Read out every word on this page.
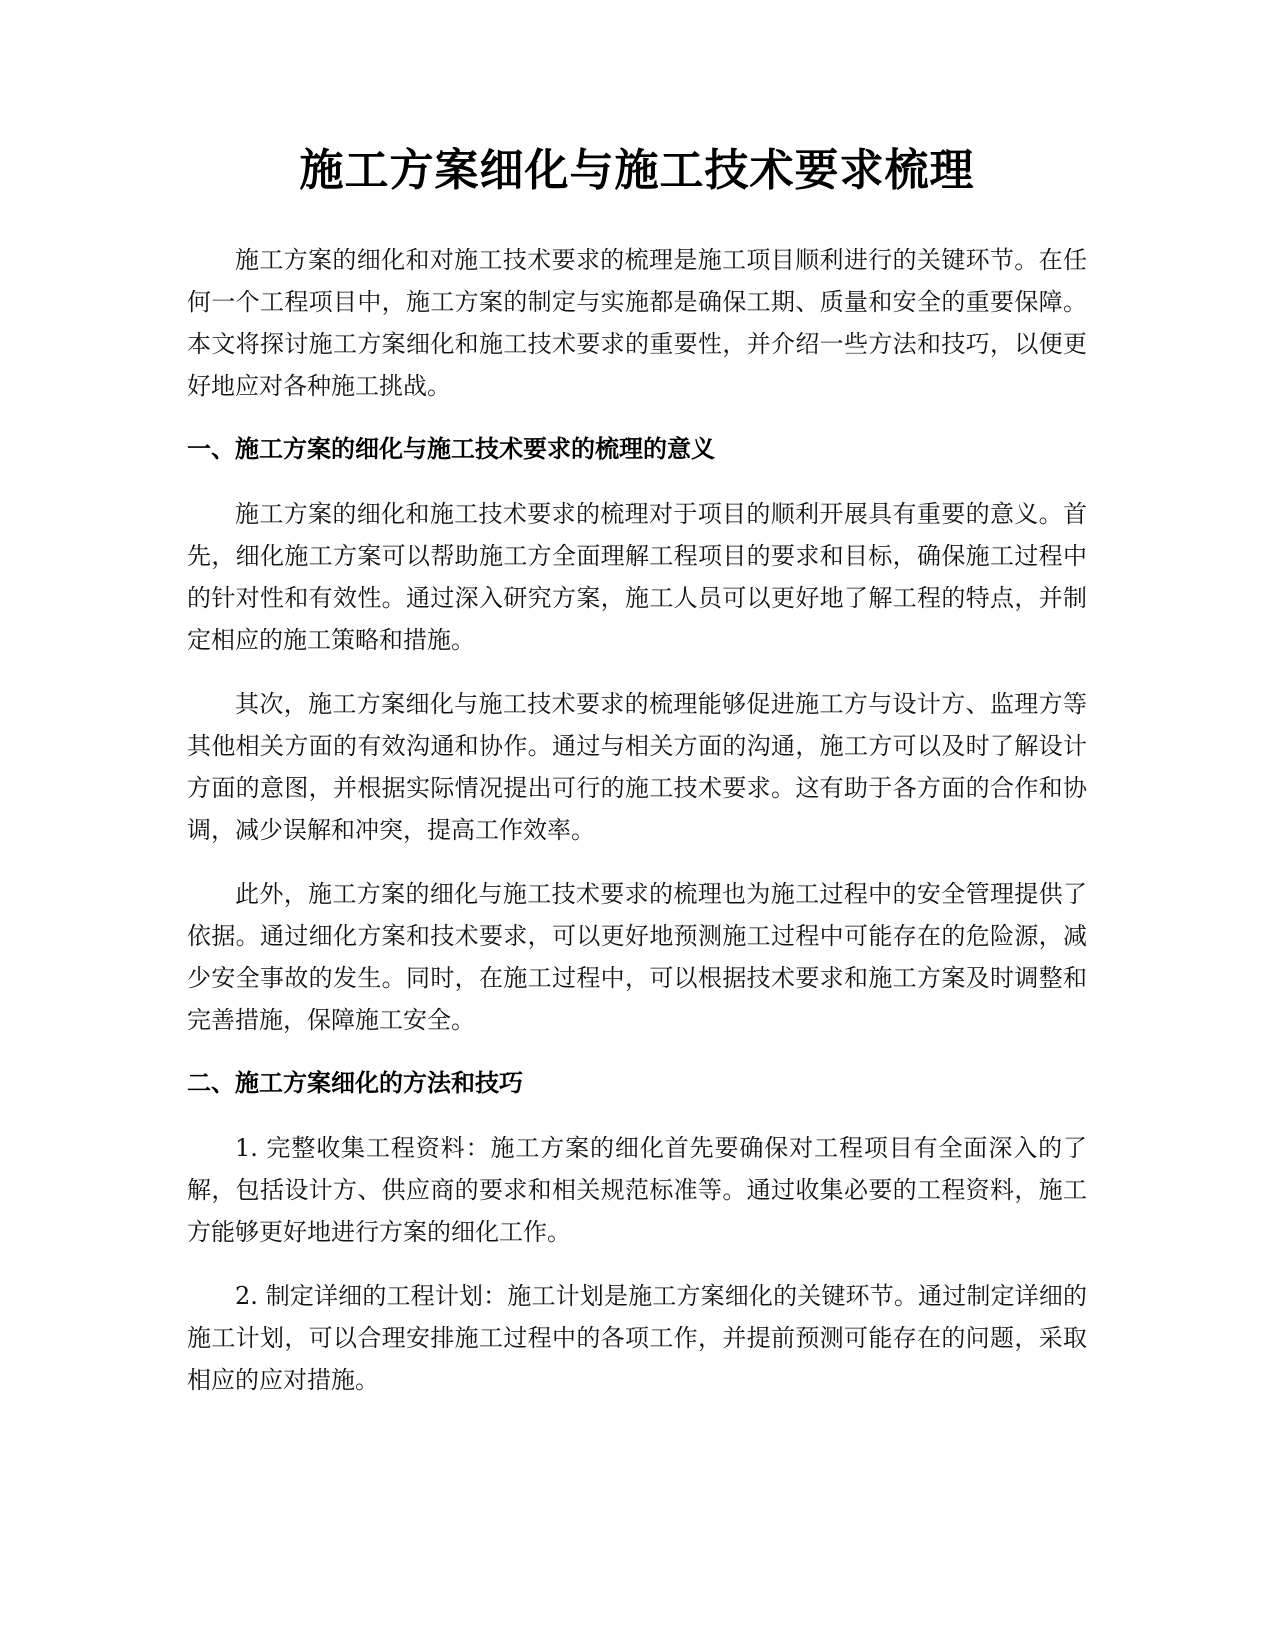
施工方案细化与施工技术要求梳理

施工方案的细化和对施工技术要求的梳理是施工项目顺利进行的关键环节。在任何一个工程项目中，施工方案的制定与实施都是确保工期、质量和安全的重要保障。本文将探讨施工方案细化和施工技术要求的重要性，并介绍一些方法和技巧，以便更好地应对各种施工挑战。

一、施工方案的细化与施工技术要求的梳理的意义

施工方案的细化和施工技术要求的梳理对于项目的顺利开展具有重要的意义。首先，细化施工方案可以帮助施工方全面理解工程项目的要求和目标，确保施工过程中的针对性和有效性。通过深入研究方案，施工人员可以更好地了解工程的特点，并制定相应的施工策略和措施。

其次，施工方案细化与施工技术要求的梳理能够促进施工方与设计方、监理方等其他相关方面的有效沟通和协作。通过与相关方面的沟通，施工方可以及时了解设计方面的意图，并根据实际情况提出可行的施工技术要求。这有助于各方面的合作和协调，减少误解和冲突，提高工作效率。

此外，施工方案的细化与施工技术要求的梳理也为施工过程中的安全管理提供了依据。通过细化方案和技术要求，可以更好地预测施工过程中可能存在的危险源，减少安全事故的发生。同时，在施工过程中，可以根据技术要求和施工方案及时调整和完善措施，保障施工安全。

二、施工方案细化的方法和技巧

1. 完整收集工程资料：施工方案的细化首先要确保对工程项目有全面深入的了解，包括设计方、供应商的要求和相关规范标准等。通过收集必要的工程资料，施工方能够更好地进行方案的细化工作。

2. 制定详细的工程计划：施工计划是施工方案细化的关键环节。通过制定详细的施工计划，可以合理安排施工过程中的各项工作，并提前预测可能存在的问题，采取相应的应对措施。
